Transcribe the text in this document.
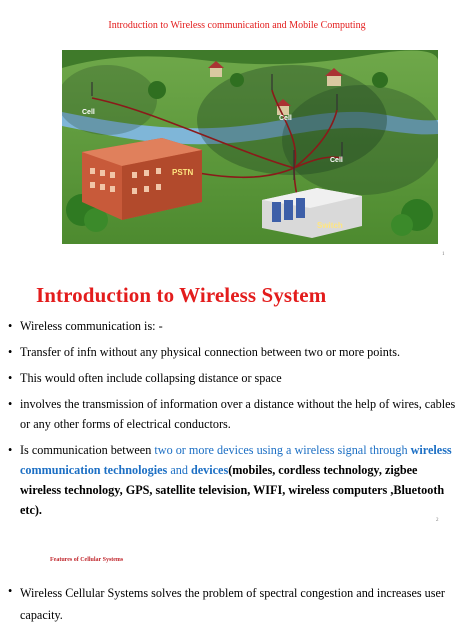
Introduction to Wireless communication and Mobile Computing
PSTN
Switch
Cell
Cell
Cell
1
Introduction to Wireless System
• Wireless communication is: -
• Transfer of infn without any physical connection between two or more points.
• This would often include collapsing distance or space
• involves the transmission of information over a distance without the help of wires, cables or any other forms of electrical conductors.
• Is communication between two or more devices using a wireless signal through wireless communication technologies and devices(mobiles, cordless technology, zigbee wireless technology, GPS, satellite television, WIFI, wireless computers ,Bluetooth etc).
2
Features of Cellular Systems
• Wireless Cellular Systems solves the problem of spectral congestion and increases user capacity.
